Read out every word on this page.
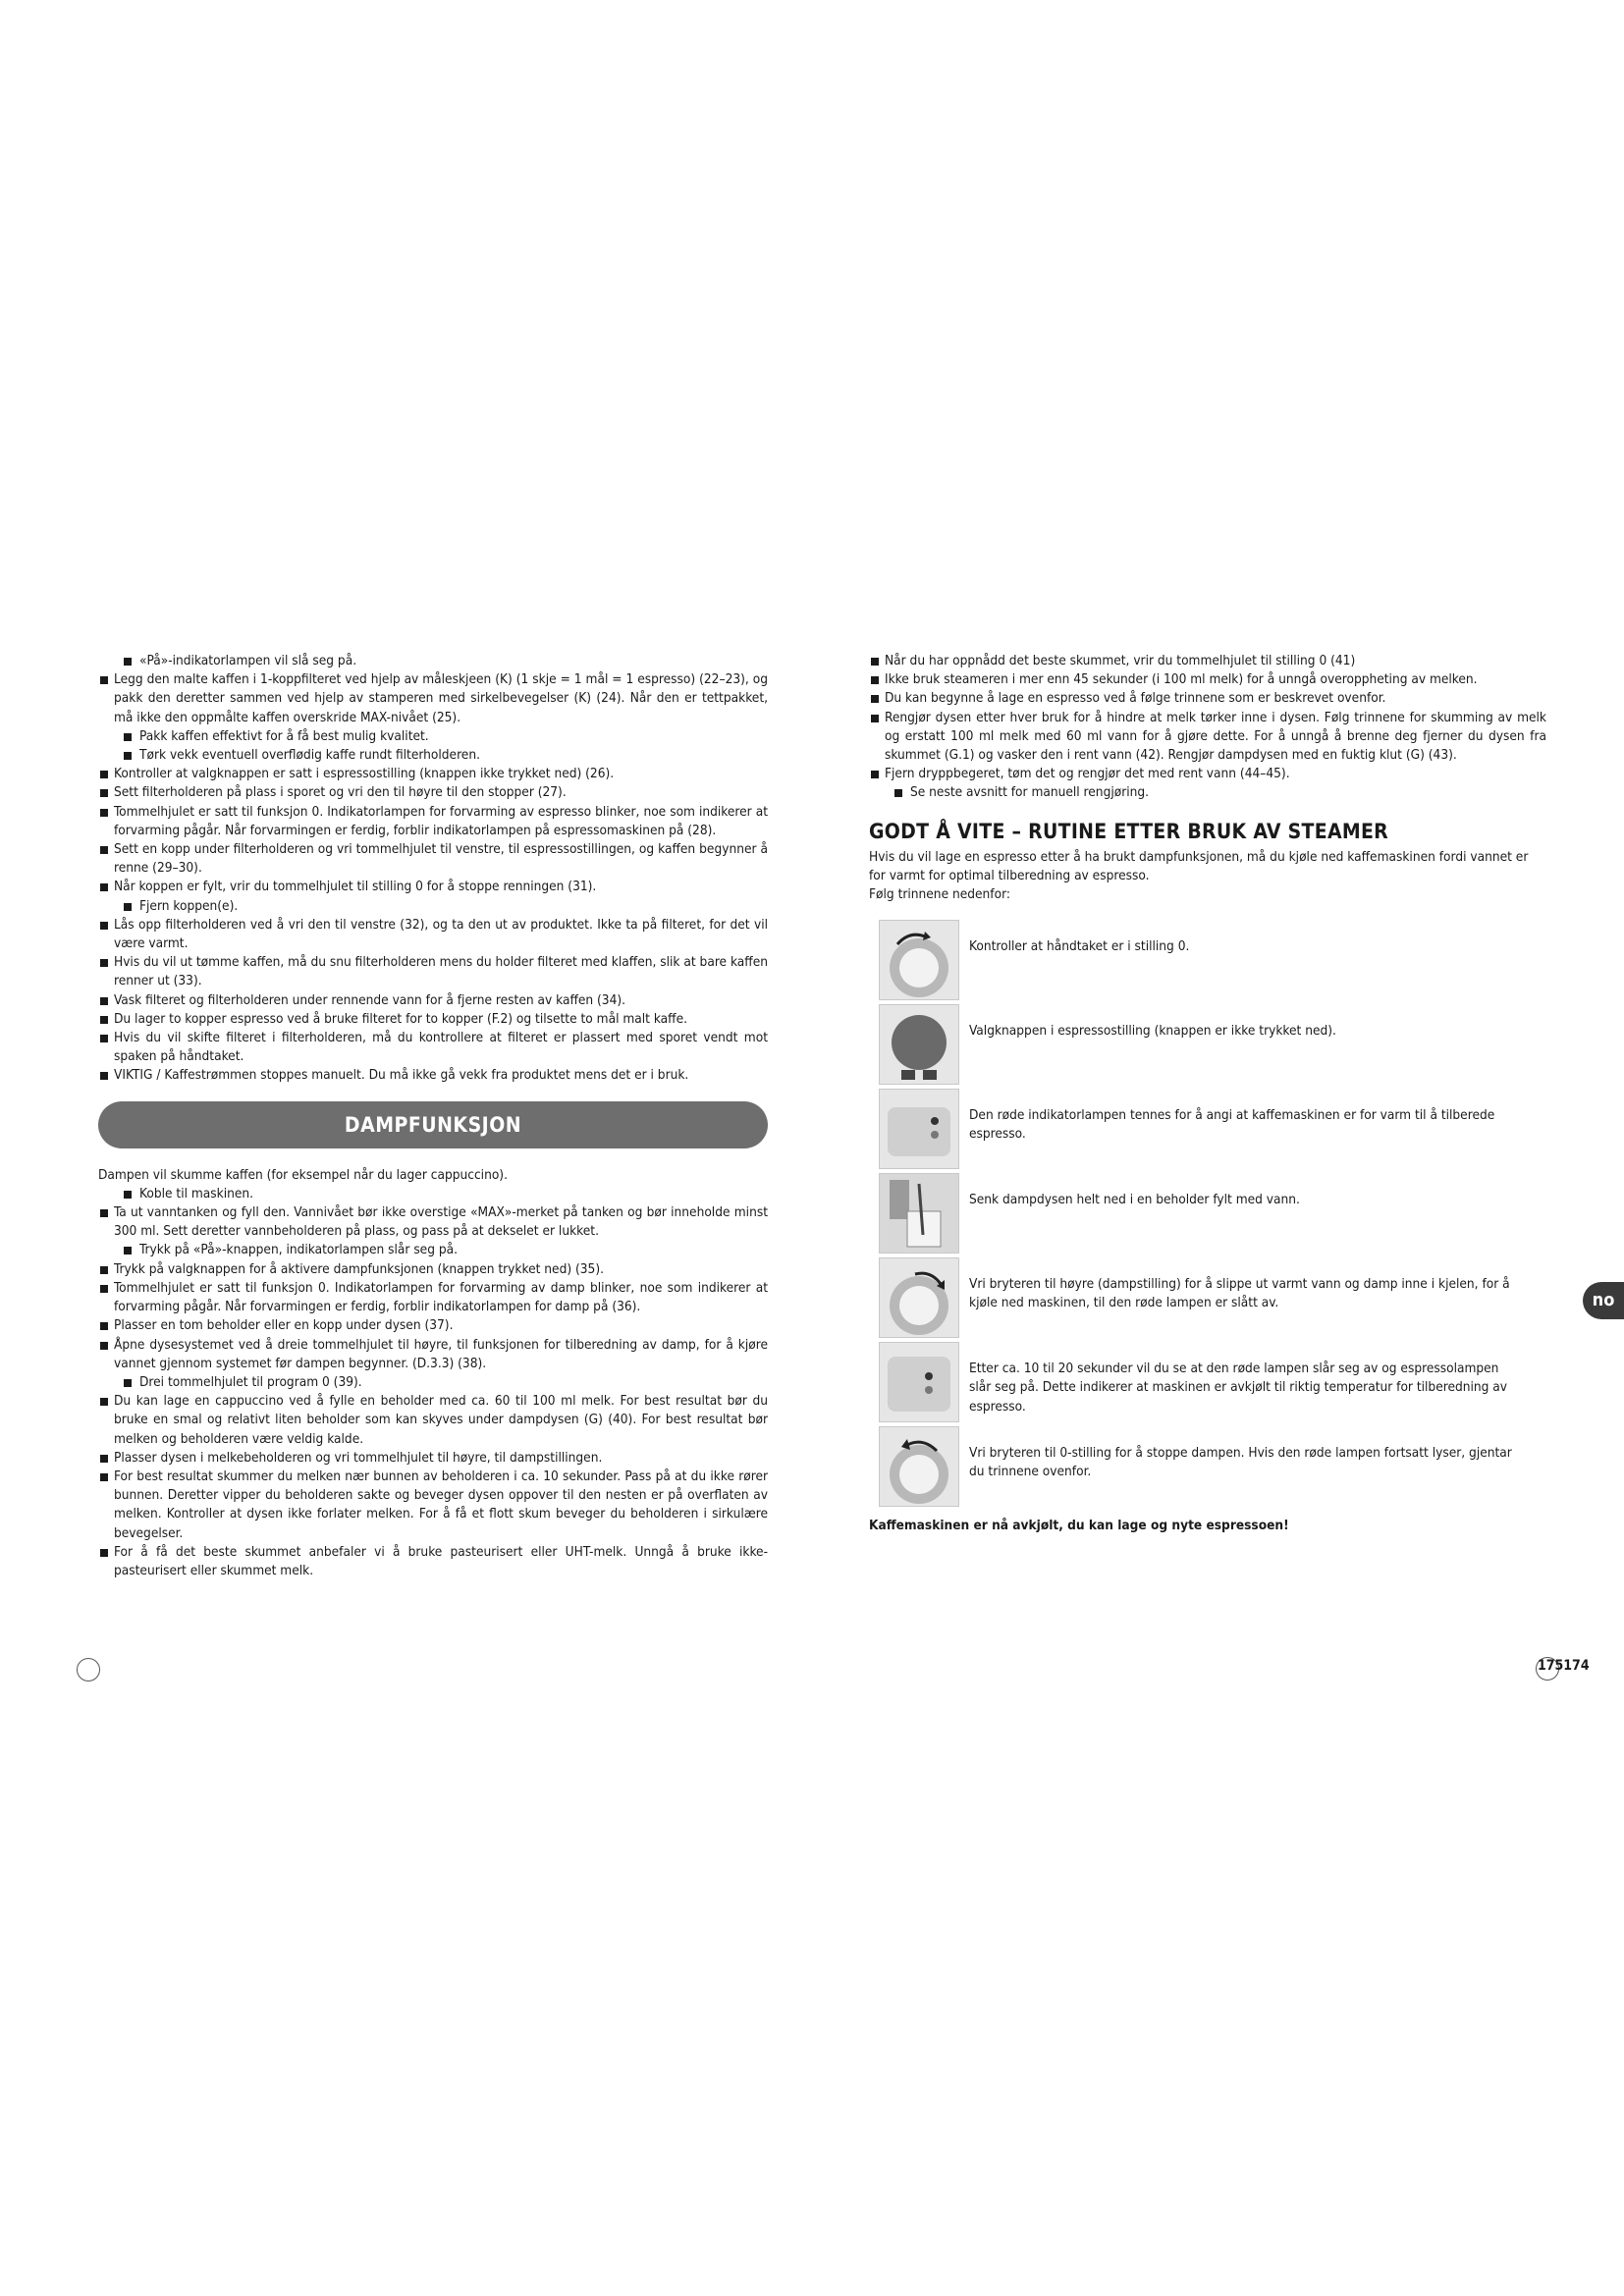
«På»-indikatorlampen vil slå seg på.
Legg den malte kaffen i 1-koppfilteret ved hjelp av måleskjeen (K) (1 skje = 1 mål = 1 espresso) (22–23), og pakk den deretter sammen ved hjelp av stamperen med sirkelbevegelser (K) (24). Når den er tettpakket, må ikke den oppmålte kaffen overskride MAX-nivået (25).
Pakk kaffen effektivt for å få best mulig kvalitet.
Tørk vekk eventuell overflødig kaffe rundt filterholderen.
Kontroller at valgknappen er satt i espressostilling (knappen ikke trykket ned) (26).
Sett filterholderen på plass i sporet og vri den til høyre til den stopper (27).
Tommelhjulet er satt til funksjon 0. Indikatorlampen for forvarming av espresso blinker, noe som indikerer at forvarming pågår. Når forvarmingen er ferdig, forblir indikatorlampen på espressomaskinen på (28).
Sett en kopp under filterholderen og vri tommelhjulet til venstre, til espressostillingen, og kaffen begynner å renne (29–30).
Når koppen er fylt, vrir du tommelhjulet til stilling 0 for å stoppe renningen (31).
Fjern koppen(e).
Lås opp filterholderen ved å vri den til venstre (32), og ta den ut av produktet. Ikke ta på filteret, for det vil være varmt.
Hvis du vil ut tømme kaffen, må du snu filterholderen mens du holder filteret med klaffen, slik at bare kaffen renner ut (33).
Vask filteret og filterholderen under rennende vann for å fjerne resten av kaffen (34).
Du lager to kopper espresso ved å bruke filteret for to kopper (F.2) og tilsette to mål malt kaffe.
Hvis du vil skifte filteret i filterholderen, må du kontrollere at filteret er plassert med sporet vendt mot spaken på håndtaket.
VIKTIG / Kaffestrømmen stoppes manuelt. Du må ikke gå vekk fra produktet mens det er i bruk.
DAMPFUNKSJON
Dampen vil skumme kaffen (for eksempel når du lager cappuccino).
Koble til maskinen.
Ta ut vanntanken og fyll den. Vannivået bør ikke overstige «MAX»-merket på tanken og bør inneholde minst 300 ml. Sett deretter vannbeholderen på plass, og pass på at dekselet er lukket.
Trykk på «På»-knappen, indikatorlampen slår seg på.
Trykk på valgknappen for å aktivere dampfunksjonen (knappen trykket ned) (35).
Tommelhjulet er satt til funksjon 0. Indikatorlampen for forvarming av damp blinker, noe som indikerer at forvarming pågår. Når forvarmingen er ferdig, forblir indikatorlampen for damp på (36).
Plasser en tom beholder eller en kopp under dysen (37).
Åpne dysesystemet ved å dreie tommelhjulet til høyre, til funksjonen for tilberedning av damp, for å kjøre vannet gjennom systemet før dampen begynner. (D.3.3) (38).
Drei tommelhjulet til program 0 (39).
Du kan lage en cappuccino ved å fylle en beholder med ca. 60 til 100 ml melk. For best resultat bør du bruke en smal og relativt liten beholder som kan skyves under dampdysen (G) (40). For best resultat bør melken og beholderen være veldig kalde.
Plasser dysen i melkebeholderen og vri tommelhjulet til høyre, til dampstillingen.
For best resultat skummer du melken nær bunnen av beholderen i ca. 10 sekunder. Pass på at du ikke rører bunnen. Deretter vipper du beholderen sakte og beveger dysen oppover til den nesten er på overflaten av melken. Kontroller at dysen ikke forlater melken. For å få et flott skum beveger du beholderen i sirkulære bevegelser.
For å få det beste skummet anbefaler vi å bruke pasteurisert eller UHT-melk. Unngå å bruke ikke-pasteurisert eller skummet melk.
Når du har oppnådd det beste skummet, vrir du tommelhjulet til stilling 0 (41)
Ikke bruk steameren i mer enn 45 sekunder (i 100 ml melk) for å unngå overoppheting av melken.
Du kan begynne å lage en espresso ved å følge trinnene som er beskrevet ovenfor.
Rengjør dysen etter hver bruk for å hindre at melk tørker inne i dysen. Følg trinnene for skumming av melk og erstatt 100 ml melk med 60 ml vann for å gjøre dette. For å unngå å brenne deg fjerner du dysen fra skummet (G.1) og vasker den i rent vann (42). Rengjør dampdysen med en fuktig klut (G) (43).
Fjern dryppbegeret, tøm det og rengjør det med rent vann (44–45).
Se neste avsnitt for manuell rengjøring.
GODT Å VITE – RUTINE ETTER BRUK AV STEAMER
Hvis du vil lage en espresso etter å ha brukt dampfunksjonen, må du kjøle ned kaffemaskinen fordi vannet er for varmt for optimal tilberedning av espresso.
Følg trinnene nedenfor:
Kontroller at håndtaket er i stilling 0.
Valgknappen i espressostilling (knappen er ikke trykket ned).
Den røde indikatorlampen tennes for å angi at kaffemaskinen er for varm til å tilberede espresso.
Senk dampdysen helt ned i en beholder fylt med vann.
Vri bryteren til høyre (dampstilling) for å slippe ut varmt vann og damp inne i kjelen, for å kjøle ned maskinen, til den røde lampen er slått av.
Etter ca. 10 til 20 sekunder vil du se at den røde lampen slår seg av og espressolampen slår seg på. Dette indikerer at maskinen er avkjølt til riktig temperatur for tilberedning av espresso.
Vri bryteren til 0-stilling for å stoppe dampen. Hvis den røde lampen fortsatt lyser, gjentar du trinnene ovenfor.
Kaffemaskinen er nå avkjølt, du kan lage og nyte espressoen!
no
175174
